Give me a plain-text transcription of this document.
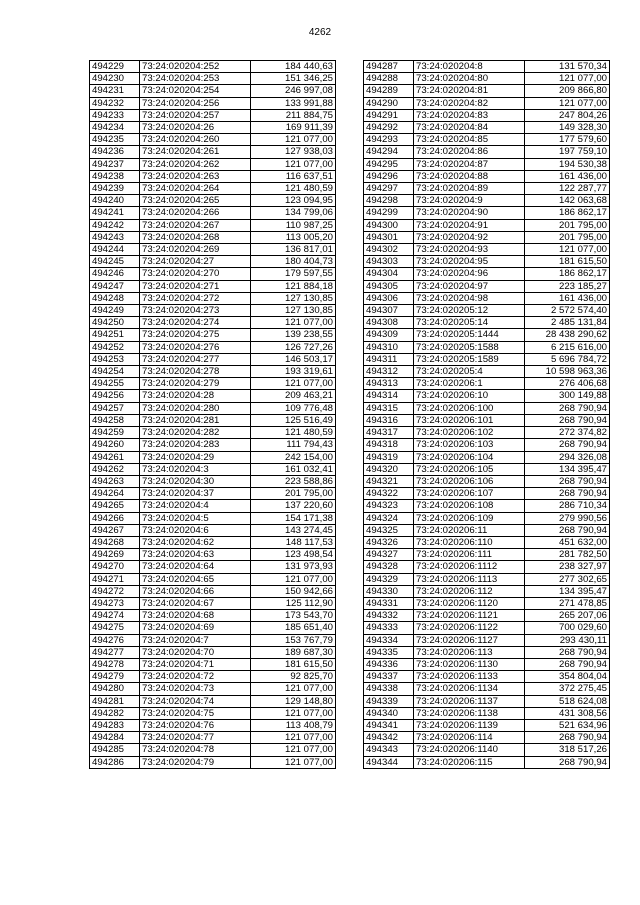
4262
494229	73:24:020204:252	184 440,63
494230	73:24:020204:253	151 346,25
494231	73:24:020204:254	246 997,08
494232	73:24:020204:256	133 991,88
494233	73:24:020204:257	211 884,75
494234	73:24:020204:26	169 911,39
494235	73:24:020204:260	121 077,00
494236	73:24:020204:261	127 938,03
494237	73:24:020204:262	121 077,00
494238	73:24:020204:263	116 637,51
494239	73:24:020204:264	121 480,59
494240	73:24:020204:265	123 094,95
494241	73:24:020204:266	134 799,06
494242	73:24:020204:267	110 987,25
494243	73:24:020204:268	113 005,20
494244	73:24:020204:269	136 817,01
494245	73:24:020204:27	180 404,73
494246	73:24:020204:270	179 597,55
494247	73:24:020204:271	121 884,18
494248	73:24:020204:272	127 130,85
494249	73:24:020204:273	127 130,85
494250	73:24:020204:274	121 077,00
494251	73:24:020204:275	139 238,55
494252	73:24:020204:276	126 727,26
494253	73:24:020204:277	146 503,17
494254	73:24:020204:278	193 319,61
494255	73:24:020204:279	121 077,00
494256	73:24:020204:28	209 463,21
494257	73:24:020204:280	109 776,48
494258	73:24:020204:281	125 516,49
494259	73:24:020204:282	121 480,59
494260	73:24:020204:283	111 794,43
494261	73:24:020204:29	242 154,00
494262	73:24:020204:3	161 032,41
494263	73:24:020204:30	223 588,86
494264	73:24:020204:37	201 795,00
494265	73:24:020204:4	137 220,60
494266	73:24:020204:5	154 171,38
494267	73:24:020204:6	143 274,45
494268	73:24:020204:62	148 117,53
494269	73:24:020204:63	123 498,54
494270	73:24:020204:64	131 973,93
494271	73:24:020204:65	121 077,00
494272	73:24:020204:66	150 942,66
494273	73:24:020204:67	125 112,90
494274	73:24:020204:68	173 543,70
494275	73:24:020204:69	185 651,40
494276	73:24:020204:7	153 767,79
494277	73:24:020204:70	189 687,30
494278	73:24:020204:71	181 615,50
494279	73:24:020204:72	92 825,70
494280	73:24:020204:73	121 077,00
494281	73:24:020204:74	129 148,80
494282	73:24:020204:75	121 077,00
494283	73:24:020204:76	113 408,79
494284	73:24:020204:77	121 077,00
494285	73:24:020204:78	121 077,00
494286	73:24:020204:79	121 077,00
494287	73:24:020204:8	131 570,34
494288	73:24:020204:80	121 077,00
494289	73:24:020204:81	209 866,80
494290	73:24:020204:82	121 077,00
494291	73:24:020204:83	247 804,26
494292	73:24:020204:84	149 328,30
494293	73:24:020204:85	177 579,60
494294	73:24:020204:86	197 759,10
494295	73:24:020204:87	194 530,38
494296	73:24:020204:88	161 436,00
494297	73:24:020204:89	122 287,77
494298	73:24:020204:9	142 063,68
494299	73:24:020204:90	186 862,17
494300	73:24:020204:91	201 795,00
494301	73:24:020204:92	201 795,00
494302	73:24:020204:93	121 077,00
494303	73:24:020204:95	181 615,50
494304	73:24:020204:96	186 862,17
494305	73:24:020204:97	223 185,27
494306	73:24:020204:98	161 436,00
494307	73:24:020205:12	2 572 574,40
494308	73:24:020205:14	2 485 131,84
494309	73:24:020205:1444	28 438 290,62
494310	73:24:020205:1588	6 215 616,00
494311	73:24:020205:1589	5 696 784,72
494312	73:24:020205:4	10 598 963,36
494313	73:24:020206:1	276 406,68
494314	73:24:020206:10	300 149,88
494315	73:24:020206:100	268 790,94
494316	73:24:020206:101	268 790,94
494317	73:24:020206:102	272 374,82
494318	73:24:020206:103	268 790,94
494319	73:24:020206:104	294 326,08
494320	73:24:020206:105	134 395,47
494321	73:24:020206:106	268 790,94
494322	73:24:020206:107	268 790,94
494323	73:24:020206:108	286 710,34
494324	73:24:020206:109	279 990,56
494325	73:24:020206:11	268 790,94
494326	73:24:020206:110	451 632,00
494327	73:24:020206:111	281 782,50
494328	73:24:020206:1112	238 327,97
494329	73:24:020206:1113	277 302,65
494330	73:24:020206:112	134 395,47
494331	73:24:020206:1120	271 478,85
494332	73:24:020206:1121	265 207,06
494333	73:24:020206:1122	700 029,60
494334	73:24:020206:1127	293 430,11
494335	73:24:020206:113	268 790,94
494336	73:24:020206:1130	268 790,94
494337	73:24:020206:1133	354 804,04
494338	73:24:020206:1134	372 275,45
494339	73:24:020206:1137	518 624,08
494340	73:24:020206:1138	431 308,56
494341	73:24:020206:1139	521 634,96
494342	73:24:020206:114	268 790,94
494343	73:24:020206:1140	318 517,26
494344	73:24:020206:115	268 790,94
